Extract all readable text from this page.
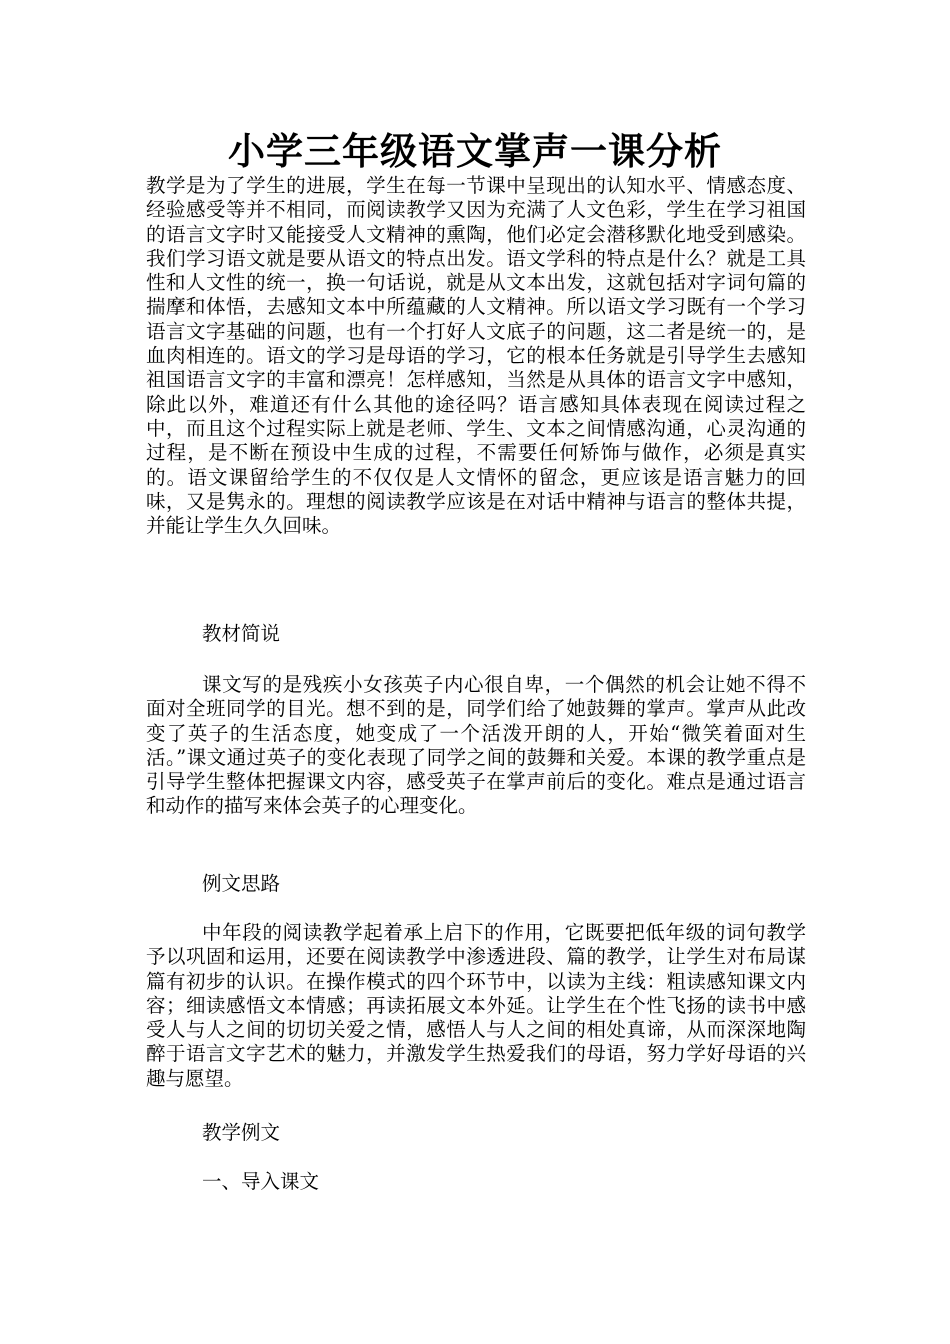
小学三年级语文掌声一课分析
教学是为了学生的进展，学生在每一节课中呈现出的认知水平、情感态度、经验感受等并不相同，而阅读教学又因为充满了人文色彩，学生在学习祖国的语言文字时又能接受人文精神的熏陶，他们必定会潜移默化地受到感染。我们学习语文就是要从语文的特点出发。语文学科的特点是什么？就是工具性和人文性的统一，换一句话说，就是从文本出发，这就包括对字词句篇的揣摩和体悟，去感知文本中所蕴藏的人文精神。所以语文学习既有一个学习语言文字基础的问题，也有一个打好人文底子的问题，这二者是统一的，是血肉相连的。语文的学习是母语的学习，它的根本任务就是引导学生去感知祖国语言文字的丰富和漂亮！怎样感知，当然是从具体的语言文字中感知，除此以外，难道还有什么其他的途径吗？语言感知具体表现在阅读过程之中，而且这个过程实际上就是老师、学生、文本之间情感沟通，心灵沟通的过程，是不断在预设中生成的过程，不需要任何矫饰与做作，必须是真实的。语文课留给学生的不仅仅是人文情怀的留念，更应该是语言魅力的回味，又是隽永的。理想的阅读教学应该是在对话中精神与语言的整体共提，并能让学生久久回味。
教材简说
课文写的是残疾小女孩英子内心很自卑，一个偶然的机会让她不得不面对全班同学的目光。想不到的是，同学们给了她鼓舞的掌声。掌声从此改变了英子的生活态度，她变成了一个活泼开朗的人，开始“微笑着面对生活。”课文通过英子的变化表现了同学之间的鼓舞和关爱。本课的教学重点是引导学生整体把握课文内容，感受英子在掌声前后的变化。难点是通过语言和动作的描写来体会英子的心理变化。
例文思路
中年段的阅读教学起着承上启下的作用，它既要把低年级的词句教学予以巩固和运用，还要在阅读教学中渗透进段、篇的教学，让学生对布局谋篇有初步的认识。在操作模式的四个环节中，以读为主线：粗读感知课文内容；细读感悟文本情感；再读拓展文本外延。让学生在个性飞扬的读书中感受人与人之间的切切关爱之情，感悟人与人之间的相处真谛，从而深深地陶醉于语言文字艺术的魅力，并激发学生热爱我们的母语，努力学好母语的兴趣与愿望。
教学例文
一、导入课文
